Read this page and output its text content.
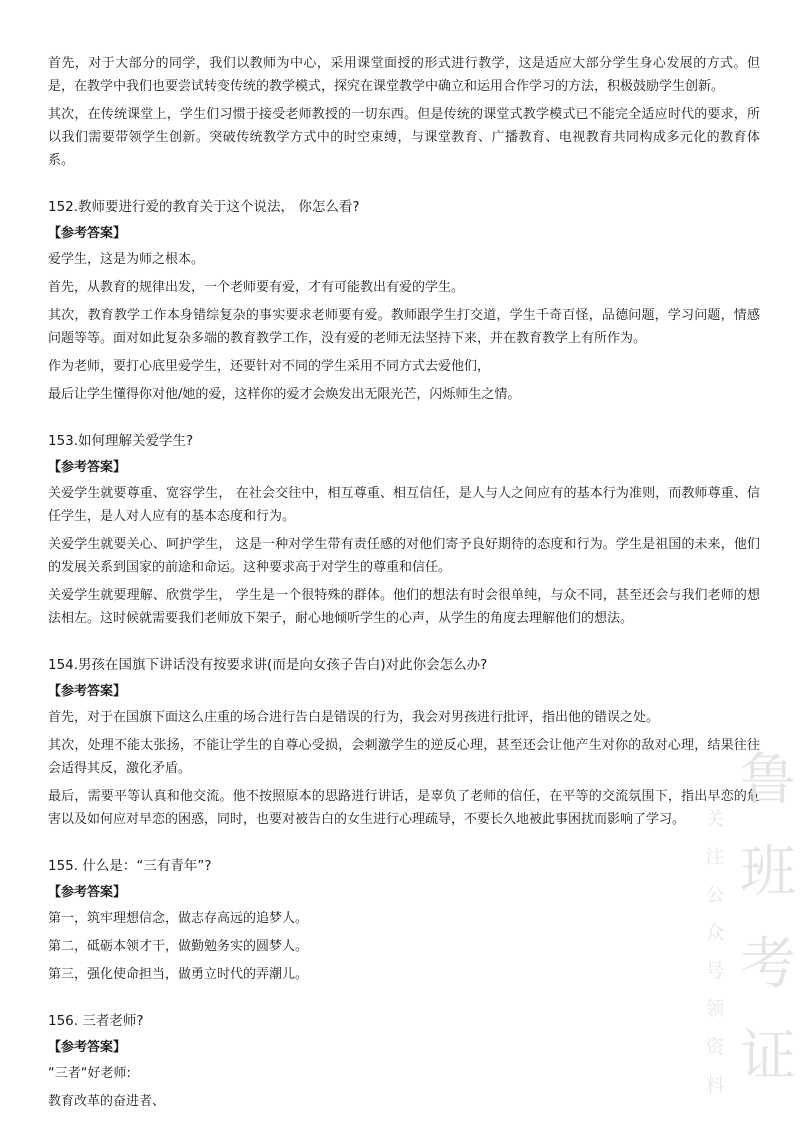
首先，对于大部分的同学，我们以教师为中心，采用课堂面授的形式进行教学，这是适应大部分学生身心发展的方式。但是，在教学中我们也要尝试转变传统的教学模式，探究在课堂教学中确立和运用合作学习的方法，积极鼓励学生创新。

其次，在传统课堂上，学生们习惯于接受老师教授的一切东西。但是传统的课堂式教学模式已不能完全适应时代的要求，所以我们需要带领学生创新。突破传统教学方式中的时空束缚，与课堂教育、广播教育、电视教育共同构成多元化的教育体系。

152.教师要进行爱的教育关于这个说法， 你怎么看?

【参考答案】

爱学生，这是为师之根本。

首先，从教育的规律出发，一个老师要有爱，才有可能教出有爱的学生。

其次，教育教学工作本身错综复杂的事实要求老师要有爱。教师跟学生打交道，学生千奇百怪，品德问题，学习问题，情感问题等等。面对如此复杂多端的教育教学工作，没有爱的老师无法坚持下来，并在教育教学上有所作为。

作为老师，要打心底里爱学生，还要针对不同的学生采用不同方式去爱他们，

最后让学生懂得你对他/她的爱，这样你的爱才会焕发出无限光芒，闪烁师生之情。

153.如何理解关爱学生?

【参考答案】

关爱学生就要尊重、宽容学生， 在社会交往中，相互尊重、相互信任，是人与人之间应有的基本行为准则，而教师尊重、信任学生，是人对人应有的基本态度和行为。

关爱学生就要关心、呵护学生， 这是一种对学生带有责任感的对他们寄予良好期待的态度和行为。学生是祖国的未来，他们的发展关系到国家的前途和命运。这种要求高于对学生的尊重和信任。

关爱学生就要理解、欣赏学生， 学生是一个很特殊的群体。他们的想法有时会很单纯，与众不同，甚至还会与我们老师的想法相左。这时候就需要我们老师放下架子，耐心地倾听学生的心声，从学生的角度去理解他们的想法。

154.男孩在国旗下讲话没有按要求讲(而是向女孩子告白)对此你会怎么办?

【参考答案】

首先，对于在国旗下面这么庄重的场合进行告白是错误的行为，我会对男孩进行批评，指出他的错误之处。

其次，处理不能太张扬，不能让学生的自尊心受损，会刺激学生的逆反心理，甚至还会让他产生对你的敌对心理，结果往往会适得其反，激化矛盾。

最后，需要平等认真和他交流。他不按照原本的思路进行讲话，是辜负了老师的信任，在平等的交流氛围下，指出早恋的危害以及如何应对早恋的困惑，同时，也要对被告白的女生进行心理疏导，不要长久地被此事困扰而影响了学习。

155. 什么是：“三有青年”?

【参考答案】

第一，筑牢理想信念，做志存高远的追梦人。

第二，砥砺本领才干，做勤勉务实的圆梦人。

第三，强化使命担当，做勇立时代的弄潮儿。

156. 三者老师?

【参考答案】

“三者“好老师:

教育改革的奋进者、

鲁班考证
关注公众号领资料
